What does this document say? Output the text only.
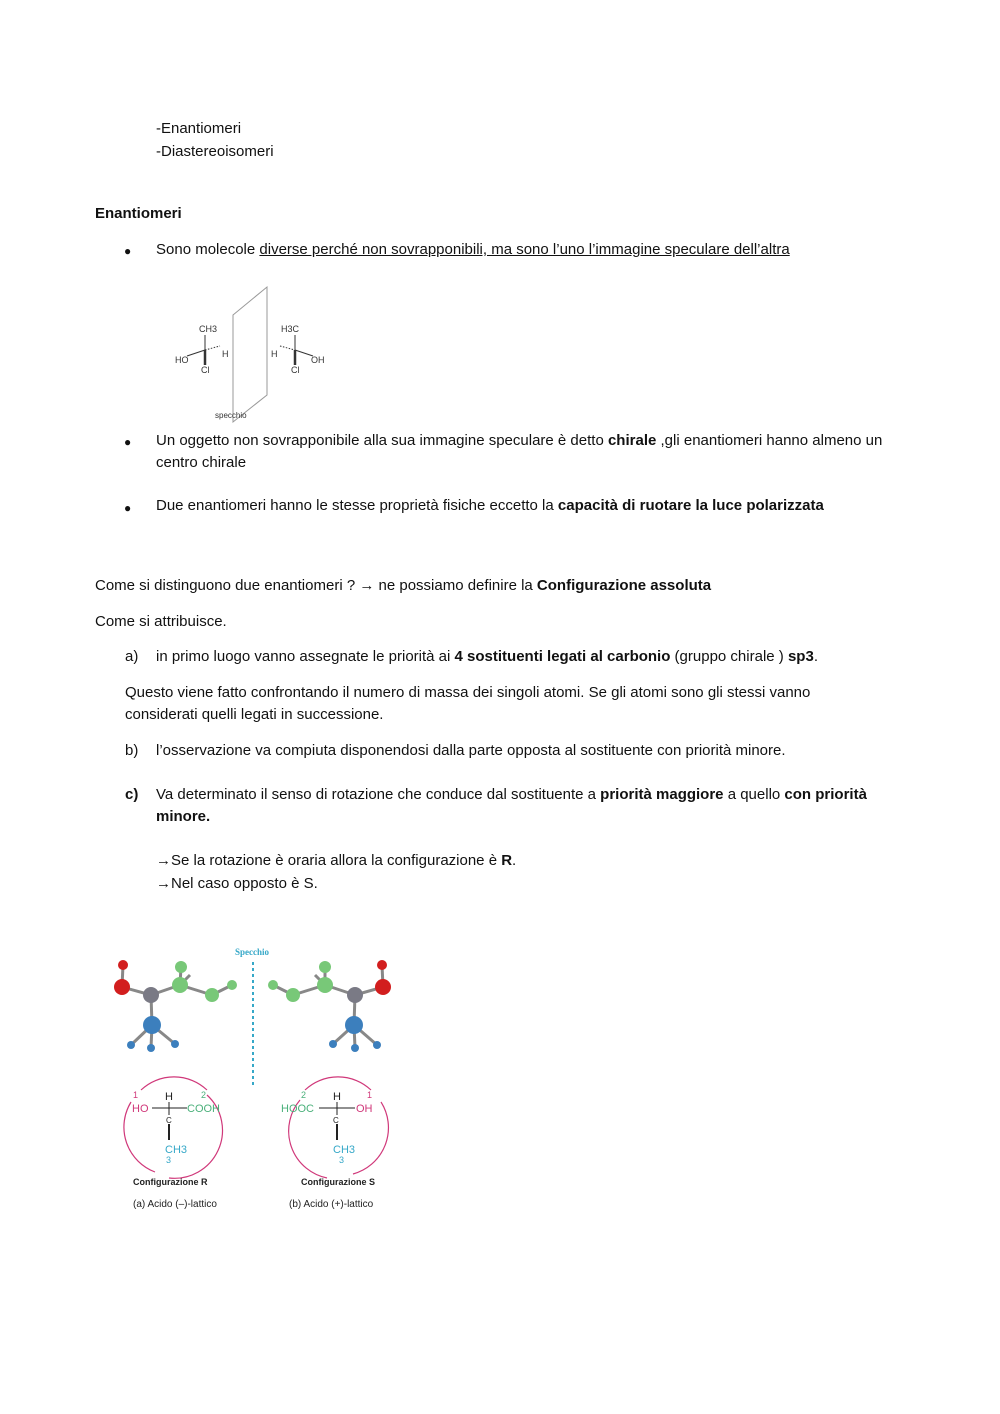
-Enantiomeri
-Diastereoisomeri
Enantiomeri
● Sono molecole diverse perché non sovrapponibili, ma sono l’uno l’immagine speculare dell’altra
CH3
HO
H
Cl
H3C
H
OH
Cl
specchio
● Un oggetto non sovrapponibile alla sua immagine speculare è detto chirale ,gli enantiomeri hanno almeno un
centro chirale
● Due enantiomeri hanno le stesse proprietà fisiche eccetto la capacità di ruotare la luce polarizzata
Come si distinguono due enantiomeri ? → ne possiamo definire la Configurazione assoluta
Come si attribuisce.
a) in primo luogo vanno assegnate le priorità ai 4 sostituenti legati al carbonio (gruppo chirale ) sp3.
Questo viene fatto confrontando il numero di massa dei singoli atomi. Se gli atomi sono gli stessi vanno
considerati quelli legati in successione.
b) l’osservazione va compiuta disponendosi dalla parte opposta al sostituente con priorità minore.
c) Va determinato il senso di rotazione che conduce dal sostituente a priorità maggiore a quello con priorità
minore.
→Se la rotazione è oraria allora la configurazione è R.
→Nel caso opposto è S.
Specchio
1	2
3
H
HO	COOH
C
CH3
Configurazione R
(a) Acido (–)-lattico
1
2
3
H
HOOC	OH
C
CH3
Configurazione S
(b) Acido (+)-lattico
